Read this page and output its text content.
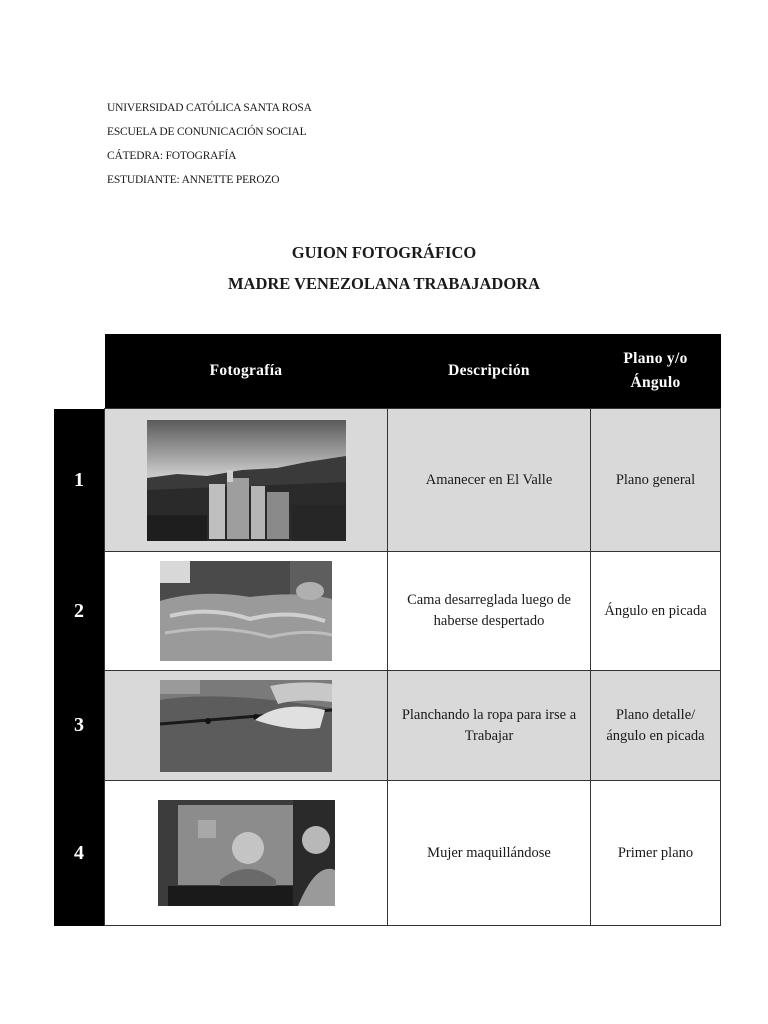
UNIVERSIDAD CATÓLICA SANTA ROSA
ESCUELA DE CONUNICACIÓN SOCIAL
CÁTEDRA: FOTOGRAFÍA
ESTUDIANTE: ANNETTE PEROZO
GUION FOTOGRÁFICO
MADRE VENEZOLANA TRABAJADORA
	Fotografía	Descripción	Plano y/o Ángulo

1		Amanecer en El Valle	Plano general
2		Cama desarreglada luego de haberse despertado	Ángulo en picada
3		Planchando la ropa para irse a Trabajar	Plano detalle/ángulo en picada

4		Mujer maquillándose	Primer plano
